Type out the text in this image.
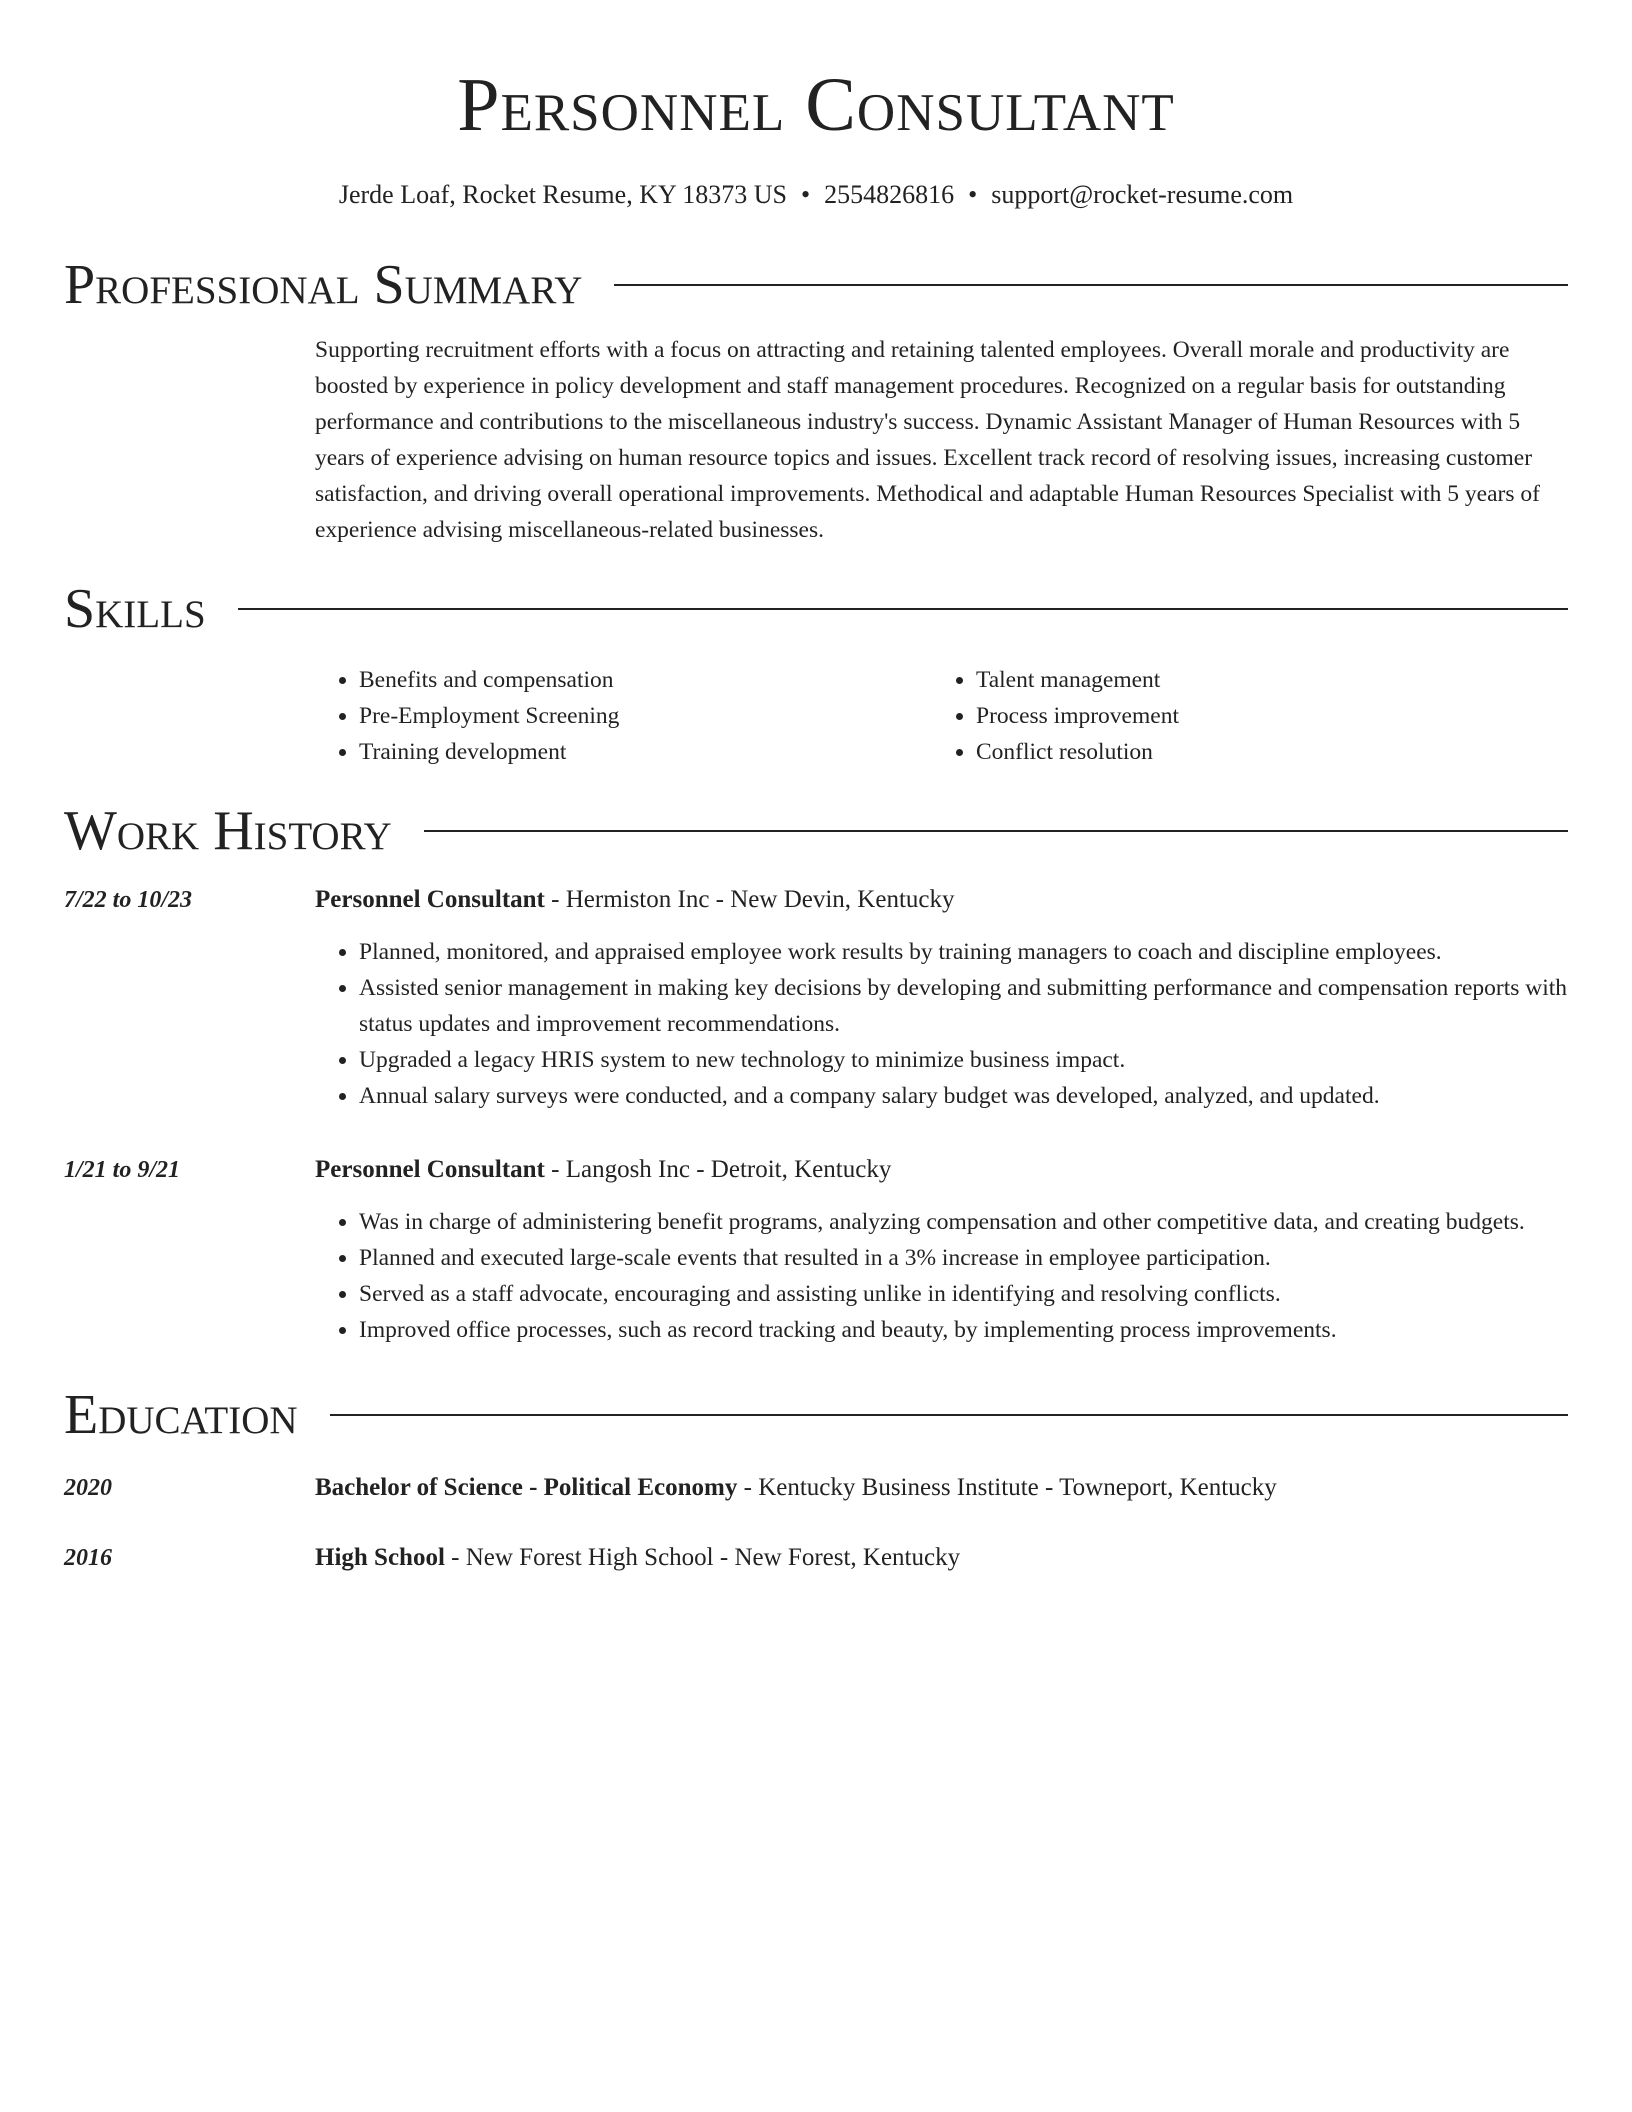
Personnel Consultant
Jerde Loaf, Rocket Resume, KY 18373 US • 2554826816 • support@rocket-resume.com
Professional Summary
Supporting recruitment efforts with a focus on attracting and retaining talented employees. Overall morale and productivity are boosted by experience in policy development and staff management procedures. Recognized on a regular basis for outstanding performance and contributions to the miscellaneous industry's success. Dynamic Assistant Manager of Human Resources with 5 years of experience advising on human resource topics and issues. Excellent track record of resolving issues, increasing customer satisfaction, and driving overall operational improvements. Methodical and adaptable Human Resources Specialist with 5 years of experience advising miscellaneous-related businesses.
Skills
• Benefits and compensation
• Pre-Employment Screening
• Training development
• Talent management
• Process improvement
• Conflict resolution
Work History
7/22 to 10/23	Personnel Consultant - Hermiston Inc - New Devin, Kentucky
• Planned, monitored, and appraised employee work results by training managers to coach and discipline employees.
• Assisted senior management in making key decisions by developing and submitting performance and compensation reports with status updates and improvement recommendations.
• Upgraded a legacy HRIS system to new technology to minimize business impact.
• Annual salary surveys were conducted, and a company salary budget was developed, analyzed, and updated.
1/21 to 9/21	Personnel Consultant - Langosh Inc - Detroit, Kentucky
• Was in charge of administering benefit programs, analyzing compensation and other competitive data, and creating budgets.
• Planned and executed large-scale events that resulted in a 3% increase in employee participation.
• Served as a staff advocate, encouraging and assisting unlike in identifying and resolving conflicts.
• Improved office processes, such as record tracking and beauty, by implementing process improvements.
Education
2020	Bachelor of Science - Political Economy - Kentucky Business Institute - Towneport, Kentucky
2016	High School - New Forest High School - New Forest, Kentucky
